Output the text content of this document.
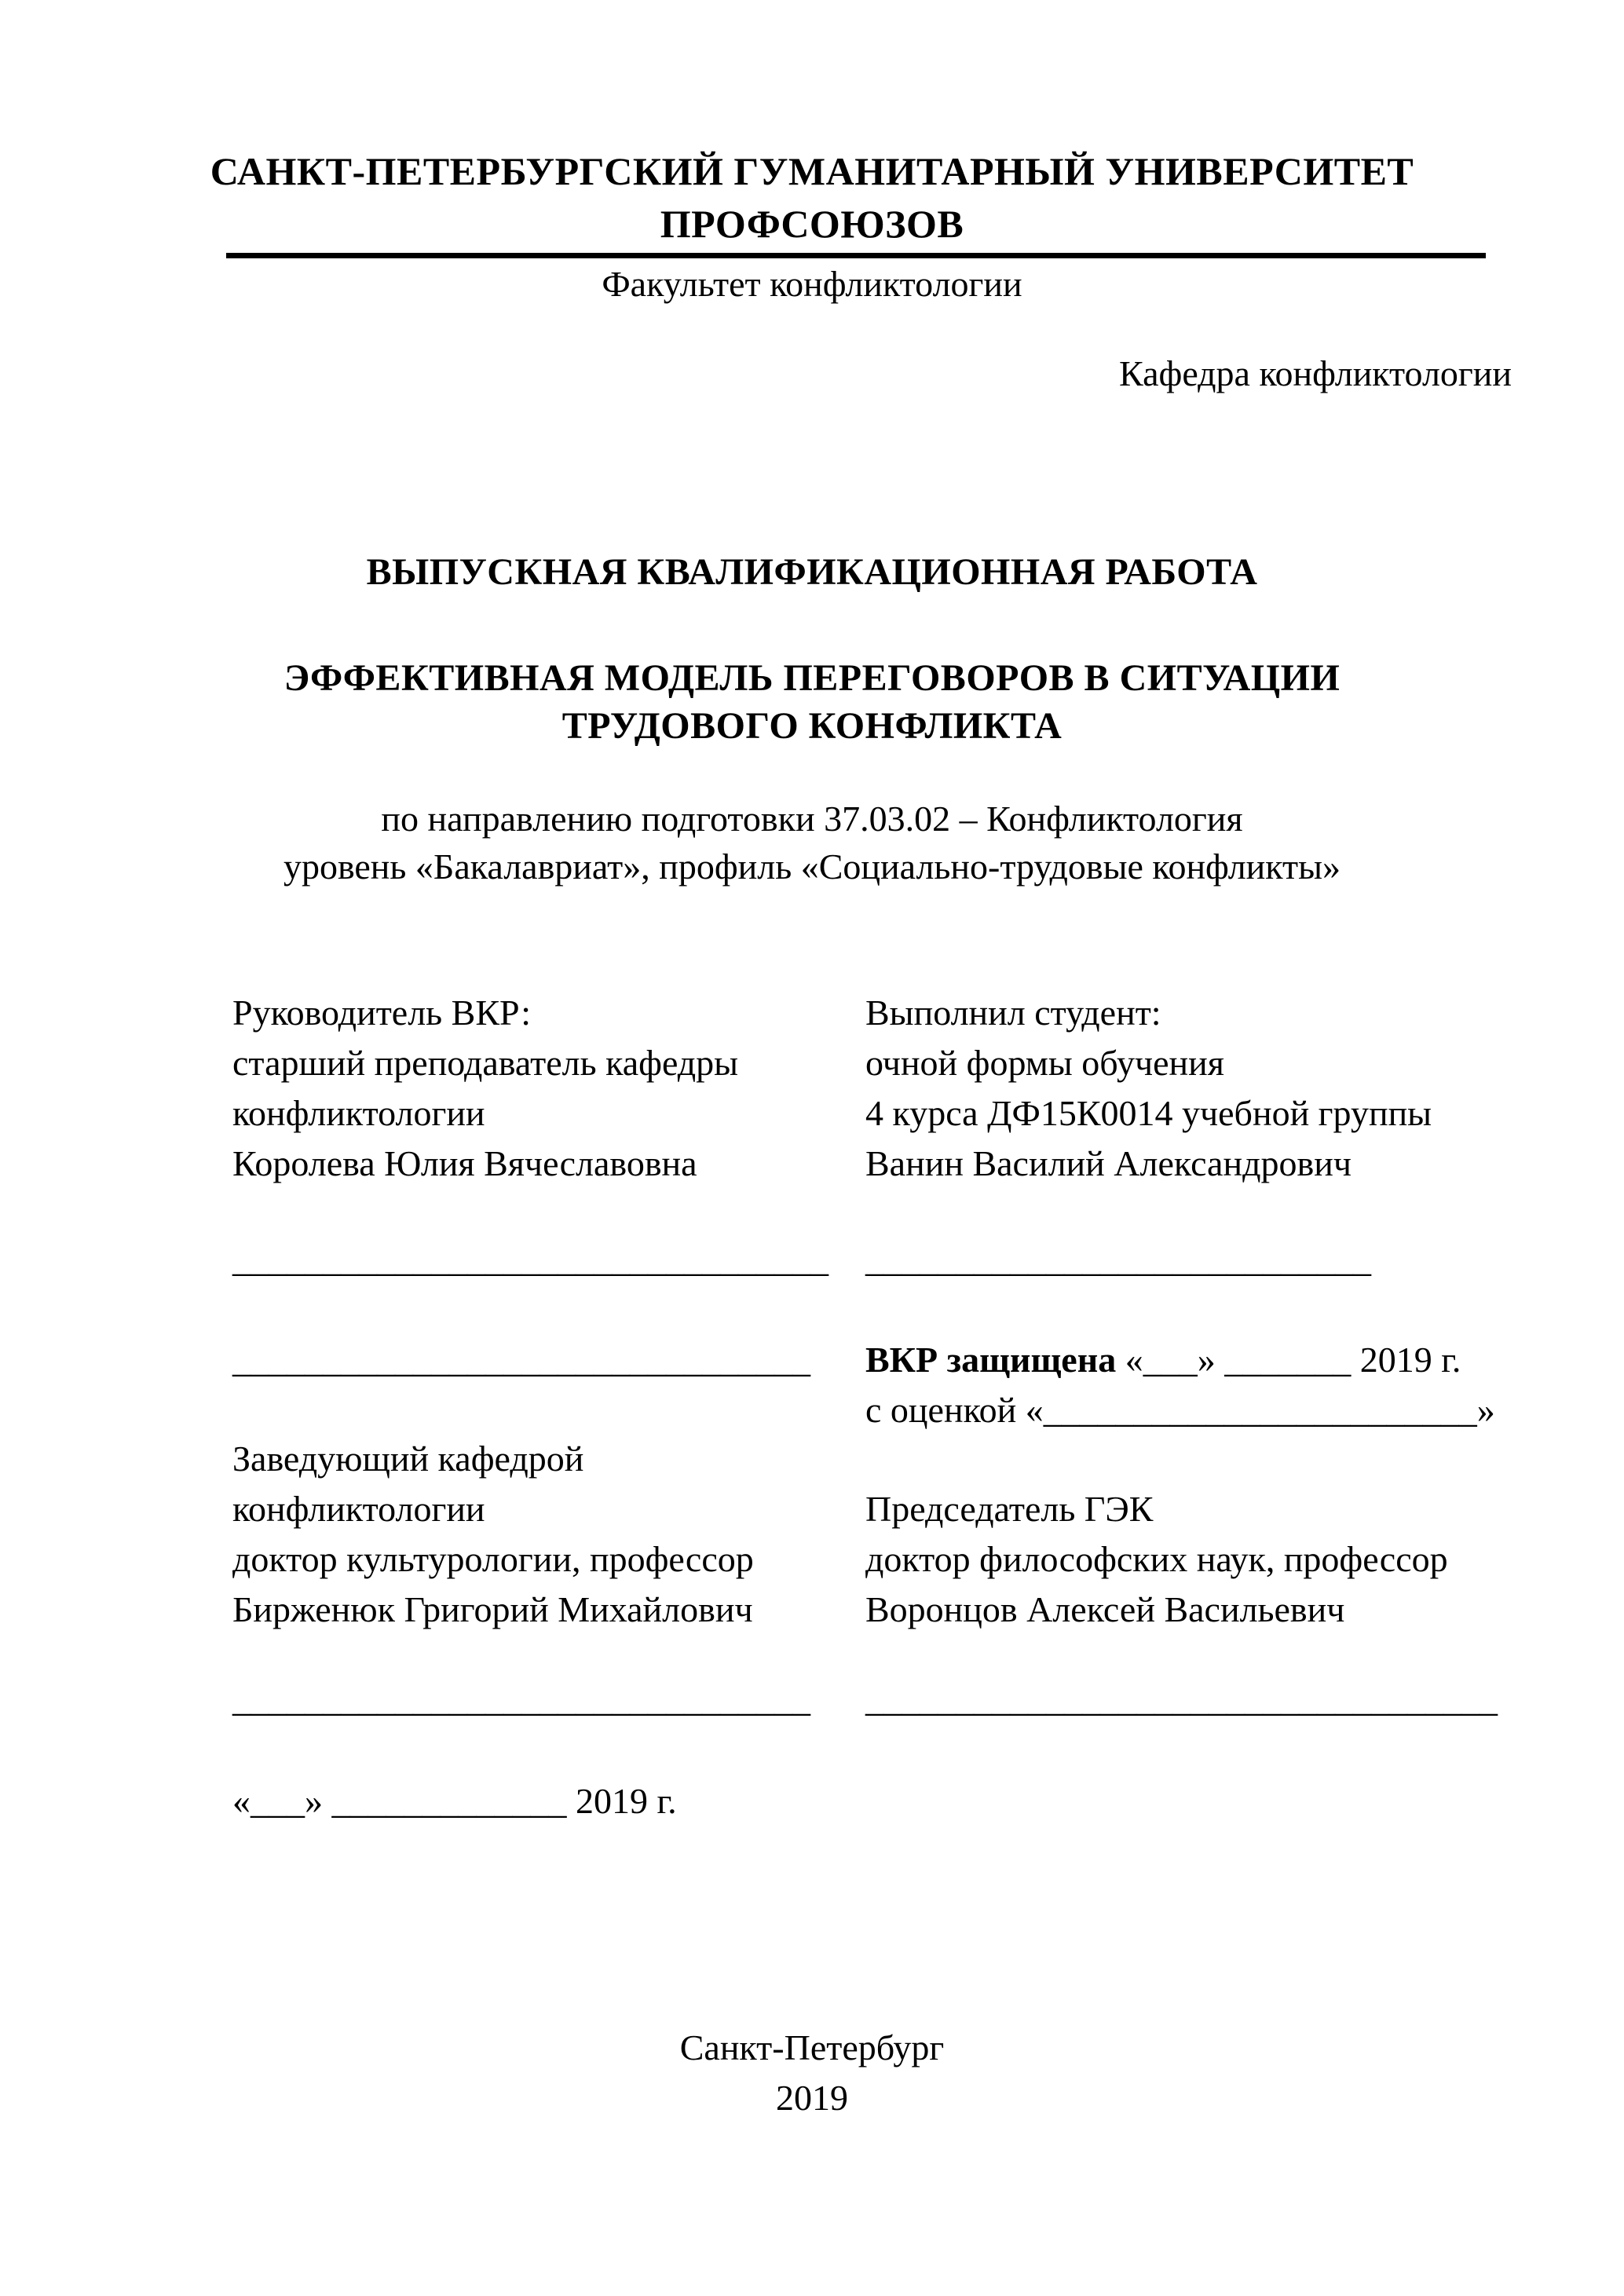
САНКТ-ПЕТЕРБУРГСКИЙ ГУМАНИТАРНЫЙ УНИВЕРСИТЕТ
ПРОФСОЮЗОВ
Факультет конфликтологии
Кафедра конфликтологии
ВЫПУСКНАЯ КВАЛИФИКАЦИОННАЯ РАБОТА
ЭФФЕКТИВНАЯ МОДЕЛЬ ПЕРЕГОВОРОВ В СИТУАЦИИ
ТРУДОВОГО КОНФЛИКТА
по направлению подготовки 37.03.02 – Конфликтология
уровень «Бакалавриат», профиль «Социально-трудовые конфликты»
Руководитель ВКР:
старший преподаватель кафедры
конфликтологии
Королева Юлия Вячеславовна
Выполнил студент:
очной формы обучения
4 курса ДФ15К0014 учебной группы
Ванин Василий Александрович
_________________________________ ____________________________
________________________________ ВКР защищена «___» _______ 2019 г.
с оценкой «________________________»
Заведующий кафедрой
конфликтологии
доктор культурологии, профессор
Бирженюк Григорий Михайлович
Председатель ГЭК
доктор философских наук, профессор
Воронцов Алексей Васильевич
________________________________ ___________________________________
«___» _____________ 2019 г.
Санкт-Петербург
2019
